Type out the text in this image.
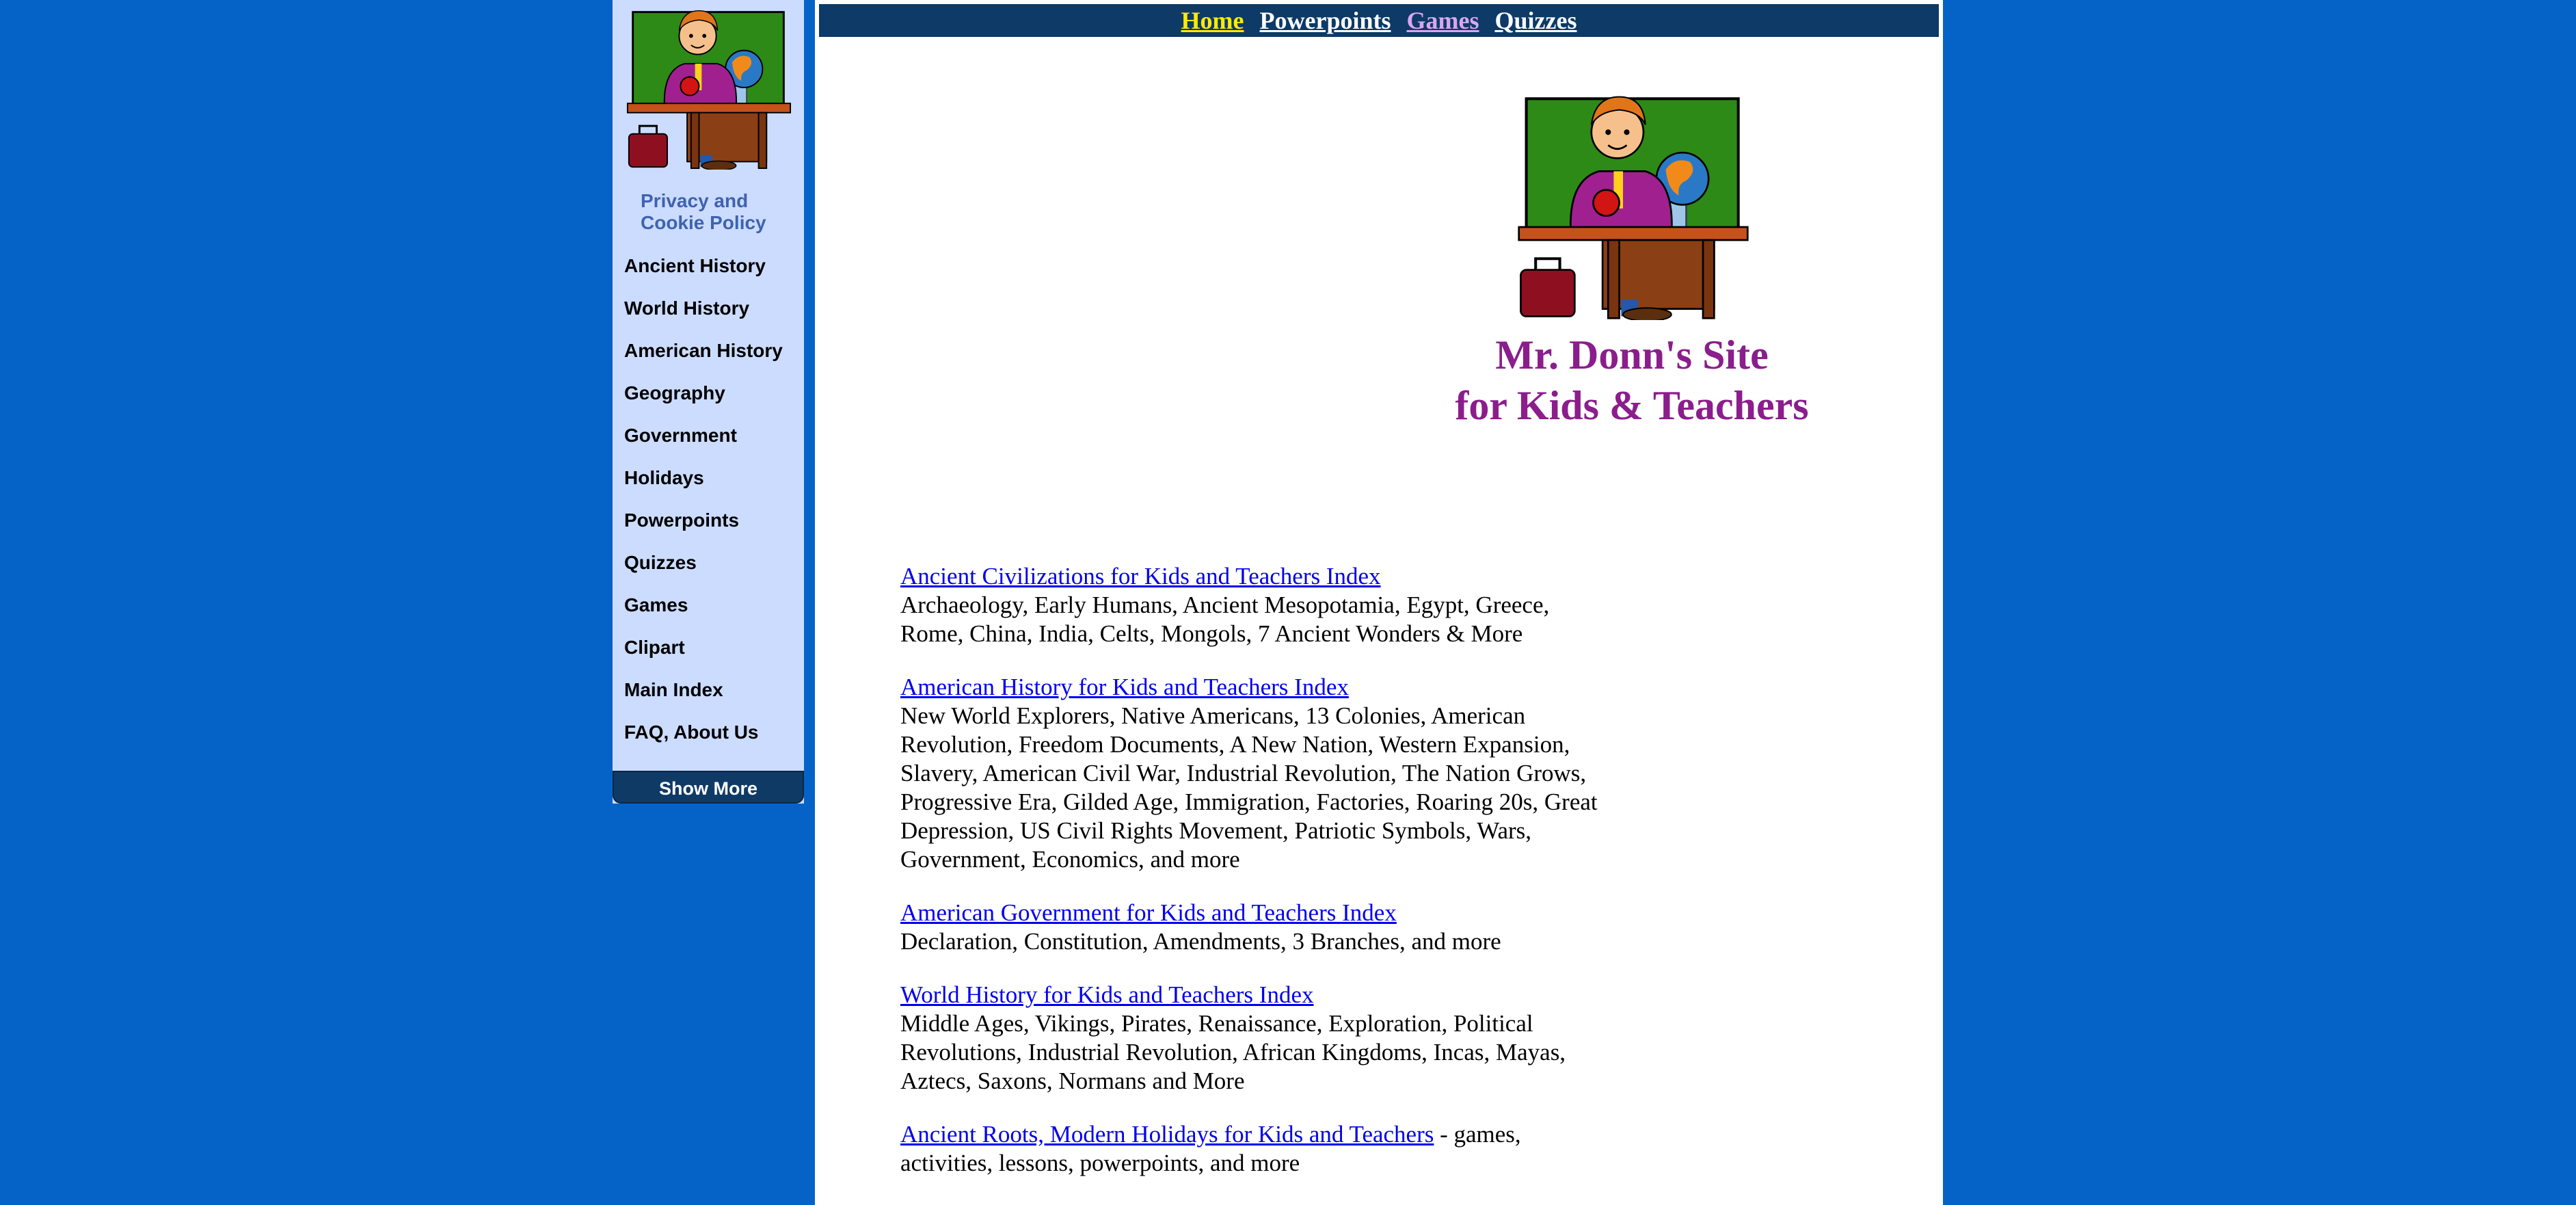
Privacy and Cookie Policy
Ancient History
World History
American History
Geography
Government
Holidays
Powerpoints
Quizzes
Games
Clipart
Main Index
FAQ, About Us
Show More
Home Powerpoints Games Quizzes
Mr. Donn's Site
for Kids & Teachers
Ancient Civilizations for Kids and Teachers Index
Archaeology, Early Humans, Ancient Mesopotamia, Egypt, Greece, Rome, China, India, Celts, Mongols, 7 Ancient Wonders & More
American History for Kids and Teachers Index
New World Explorers, Native Americans, 13 Colonies, American Revolution, Freedom Documents, A New Nation, Western Expansion, Slavery, American Civil War, Industrial Revolution, The Nation Grows, Progressive Era, Gilded Age, Immigration, Factories, Roaring 20s, Great Depression, US Civil Rights Movement, Patriotic Symbols, Wars, Government, Economics, and more
American Government for Kids and Teachers Index
Declaration, Constitution, Amendments, 3 Branches, and more
World History for Kids and Teachers Index
Middle Ages, Vikings, Pirates, Renaissance, Exploration, Political Revolutions, Industrial Revolution, African Kingdoms, Incas, Mayas, Aztecs, Saxons, Normans and More
Ancient Roots, Modern Holidays for Kids and Teachers - games, activities, lessons, powerpoints, and more
